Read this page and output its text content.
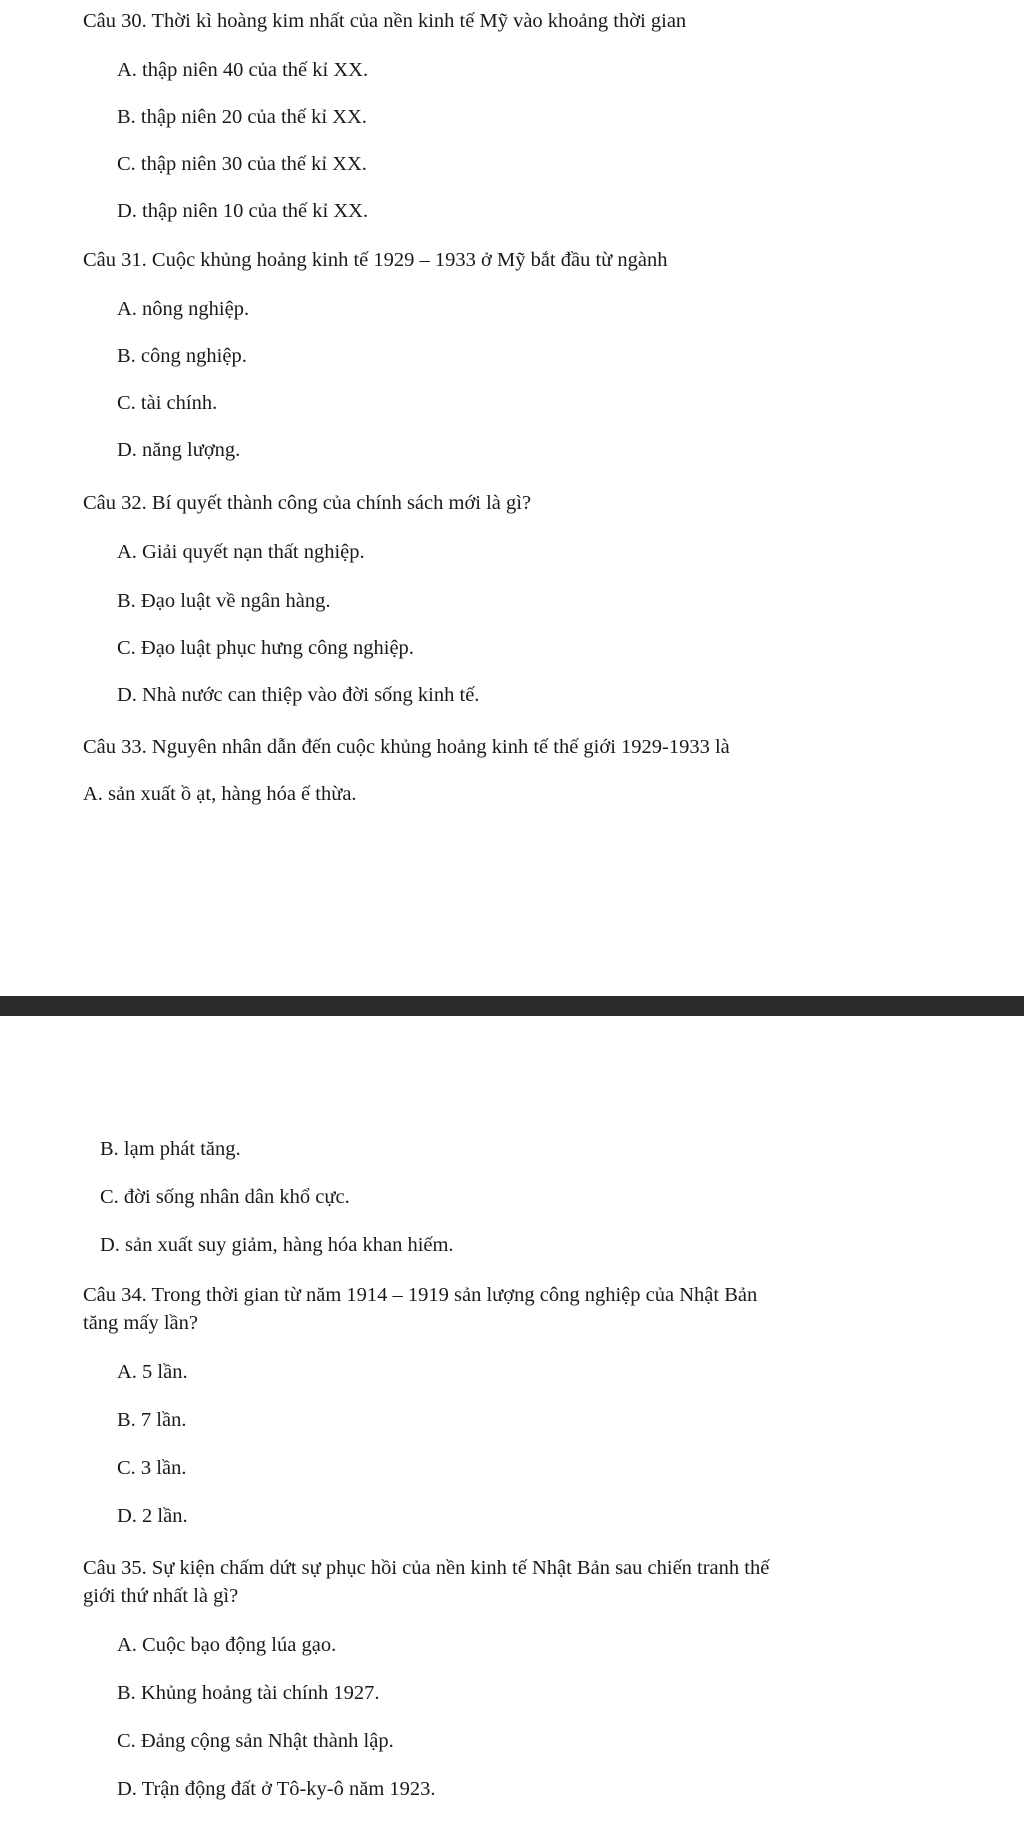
Câu 30. Thời kì hoàng kim nhất của nền kinh tế Mỹ vào khoảng thời gian
A. thập niên 40 của thế kỉ XX.
B. thập niên 20 của thế kỉ XX.
C. thập niên 30 của thế kỉ XX.
D. thập niên 10 của thế kỉ XX.
Câu 31. Cuộc khủng hoảng kinh tế 1929 – 1933 ở Mỹ bắt đầu từ ngành
A. nông nghiệp.
B. công nghiệp.
C. tài chính.
D. năng lượng.
Câu 32. Bí quyết thành công của chính sách mới là gì?
A. Giải quyết nạn thất nghiệp.
B. Đạo luật về ngân hàng.
C. Đạo luật phục hưng công nghiệp.
D. Nhà nước can thiệp vào đời sống kinh tế.
Câu 33. Nguyên nhân dẫn đến cuộc khủng hoảng kinh tế thế giới 1929-1933 là
A. sản xuất ồ ạt, hàng hóa ế thừa.
B. lạm phát tăng.
C. đời sống nhân dân khổ cực.
D. sản xuất suy giảm, hàng hóa khan hiếm.
Câu 34. Trong thời gian từ năm 1914 – 1919 sản lượng công nghiệp của Nhật Bản
tăng mấy lần?
A. 5 lần.
B. 7 lần.
C. 3 lần.
D. 2 lần.
Câu 35. Sự kiện chấm dứt sự phục hồi của nền kinh tế Nhật Bản sau chiến tranh thế
giới thứ nhất là gì?
A. Cuộc bạo động lúa gạo.
B. Khủng hoảng tài chính 1927.
C. Đảng cộng sản Nhật thành lập.
D. Trận động đất ở Tô-ky-ô năm 1923.
